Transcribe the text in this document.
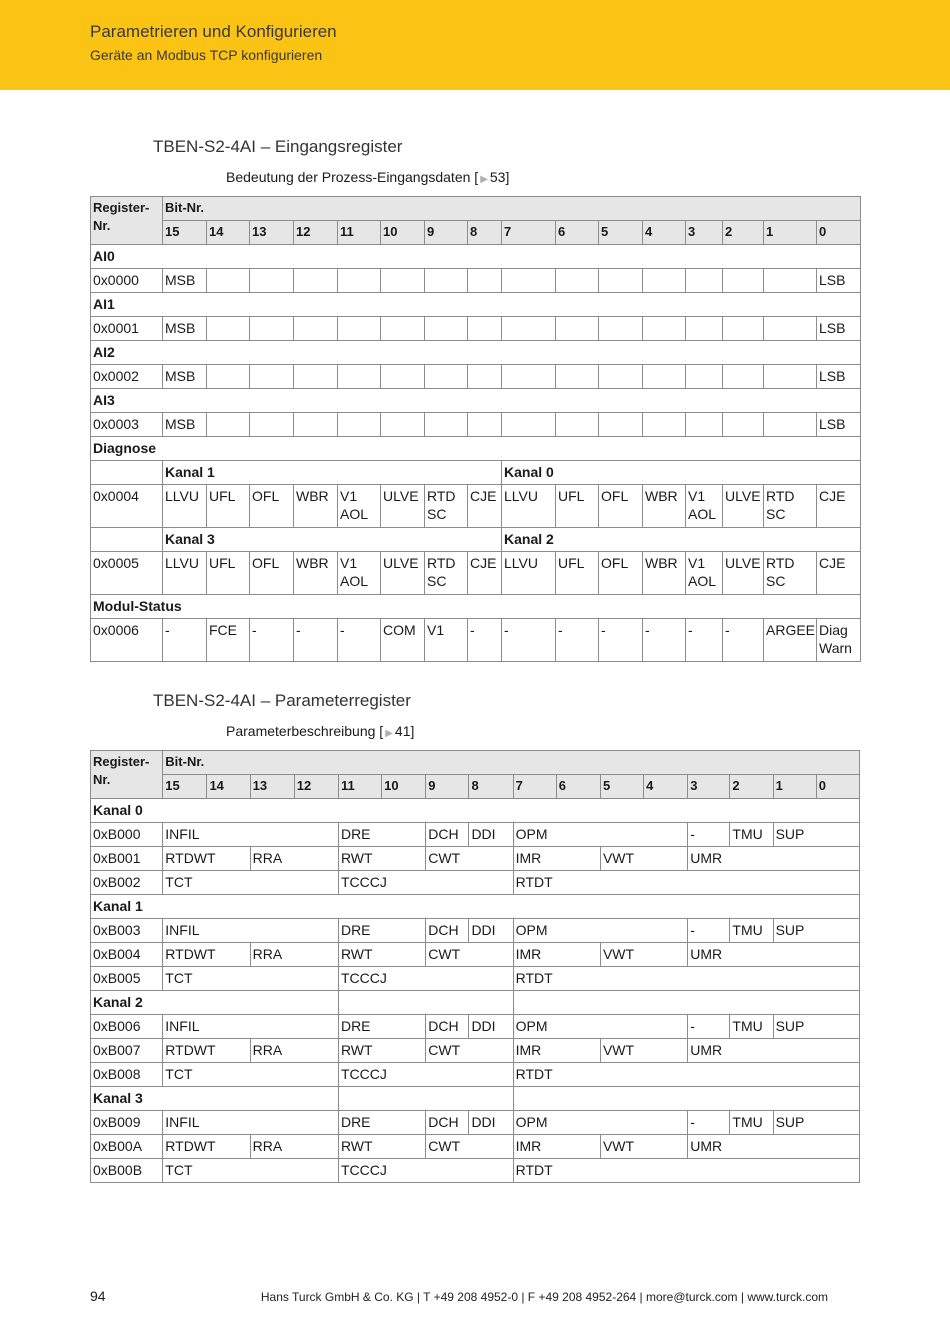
Parametrieren und Konfigurieren
Geräte an Modbus TCP konfigurieren
TBEN-S2-4AI – Eingangsregister
Bedeutung der Prozess-Eingangsdaten [ ▶ 53]
Register-Nr.	Bit-Nr.															
	15	14	13	12	11	10	9	8	7	6	5	4	3	2	1	0
AI0																
0x0000	MSB															LSB
AI1																
0x0001	MSB															LSB
AI2																
0x0002	MSB															LSB
AI3																
0x0003	MSB															LSB
Diagnose																
	Kanal 1								Kanal 0							
0x0004	LLVU	UFL	OFL	WBR	V1 AOL	ULVE	RTD SC	CJE	LLVU	UFL	OFL	WBR	V1 AOL	ULVE	RTD SC	CJE
	Kanal 3								Kanal 2							
0x0005	LLVU	UFL	OFL	WBR	V1 AOL	ULVE	RTD SC	CJE	LLVU	UFL	OFL	WBR	V1 AOL	ULVE	RTD SC	CJE
Modul-Status																
0x0006	-	FCE	-	-	-	COM	V1	-	-	-	-	-	-	-	ARGEE	Diag Warn
TBEN-S2-4AI – Parameterregister
Parameterbeschreibung [ ▶ 41]
Register-Nr.	Bit-Nr.															
	15	14	13	12	11	10	9	8	7	6	5	4	3	2	1	0
Kanal 0																
0xB000	INFIL				DRE		DCH	DDI	OPM				-	TMU	SUP	
0xB001	RTDWT		RRA		RWT		CWT		IMR		VWT		UMR			
0xB002	TCT				TCCCJ				RTDT							
Kanal 1																
0xB003	INFIL				DRE		DCH	DDI	OPM				-	TMU	SUP	
0xB004	RTDWT		RRA		RWT		CWT		IMR		VWT		UMR			
0xB005	TCT				TCCCJ				RTDT							
Kanal 2																
0xB006	INFIL				DRE		DCH	DDI	OPM				-	TMU	SUP	
0xB007	RTDWT		RRA		RWT		CWT		IMR		VWT		UMR			
0xB008	TCT				TCCCJ				RTDT							
Kanal 3																
0xB009	INFIL				DRE		DCH	DDI	OPM				-	TMU	SUP	
0xB00A	RTDWT		RRA		RWT		CWT		IMR		VWT		UMR			
0xB00B	TCT				TCCCJ				RTDT							
94	Hans Turck GmbH & Co. KG | T +49 208 4952-0 | F +49 208 4952-264 | more@turck.com | www.turck.com
